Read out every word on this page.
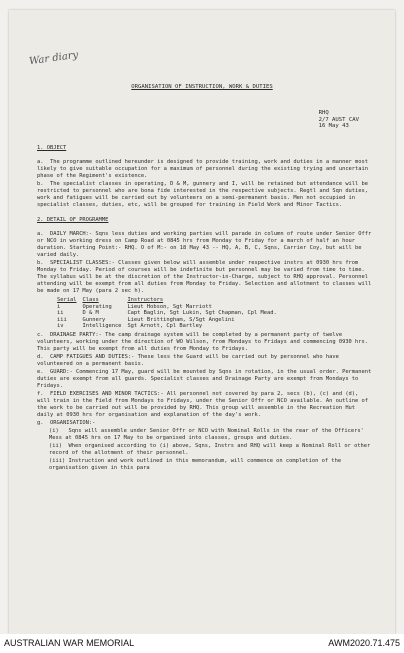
War diary
ORGANISATION OF INSTRUCTION, WORK & DUTIES
RHQ
2/7 AUST CAV
16 May 43
1. OBJECT
a.  The programme outlined hereunder is designed to provide training, work and duties in a manner most likely to give suitable occupation for a maximum of personnel during the existing trying and uncertain phase of the Regiment's existence.
b.  The specialist classes in operating, D & M, gunnery and I, will be retained but attendance will be restricted to personnel who are bona fide interested in the respective subjects. Regtl and Sqn duties, work and fatigues will be carried out by volunteers on a semi-permanent basis. Men not occupied in specialist classes, duties, etc, will be grouped for training in Field Work and Minor Tactics.
2. DETAIL OF PROGRAMME
a.  DAILY MARCH:- Sqns less duties and working parties will parade in column of route under Senior Offr or NCO in working dress on Camp Road at 0845 hrs from Monday to Friday for a march of half an hour duration. Starting Point:- RHQ. O of M:- on 18 May 43 -- HQ, A, B, C, Sqns, Carrier Coy, but will be varied daily.
b.  SPECIALIST CLASSES:- Classes given below will assemble under respective instrs at 0930 hrs from Monday to Friday. Period of courses will be indefinite but personnel may be varied from time to time. The syllabus will be at the discretion of the Instructor-in-Charge, subject to RHQ approval. Personnel attending will be exempt from all duties from Monday to Friday. Selection and allotment to classes will be made on 17 May (para 2 sec h).
Serial	Class	Instructors
i	Operating	Lieut Hobson, Sgt Marriott
ii	D & M	Capt Baglin, Sgt Lukin, Sgt Chapman, Cpl Mead.
iii	Gunnery	Lieut Brittingham, S/Sgt Angelini
iv	Intelligence	Sgt Arnott, Cpl Bartley
c.  DRAINAGE PARTY:- The camp drainage system will be completed by a permanent party of twelve volunteers, working under the direction of WO Wilson, from Mondays to Fridays and commencing 0930 hrs. This party will be exempt from all duties from Monday to Fridays.
d.  CAMP FATIGUES AND DUTIES:- These less the Guard will be carried out by personnel who have volunteered on a permanent basis.
e.  GUARD:- Commencing 17 May, guard will be mounted by Sqns in rotation, in the usual order. Permanent duties are exempt from all guards. Specialist classes and Drainage Party are exempt from Mondays to Fridays.
f.  FIELD EXERCISES AND MINOR TACTICS:- All personnel not covered by para 2, secs (b), (c) and (d), will train in the Field from Mondays to Fridays, under the Senior Offr or NCO available. An outline of the work to be carried out will be provided by RHQ. This group will assemble in the Recreation Hut daily at 0930 hrs for organisation and explanation of the day's work.
g.  ORGANISATION:-
(i)   Sqns will assemble under Senior Offr or NCO with Nominal Rolls in the rear of the Officers' Mess at 0845 hrs on 17 May to be organised into classes, groups and duties.
(ii)  When organised according to (i) above, Sqns, Instrs and RHQ will keep a Nominal Roll or other record of the allotment of their personnel.
(iii) Instruction and work outlined in this memorandum, will commence on completion of the organisation given in this para
AUSTRALIAN WAR MEMORIAL	AWM2020.71.475
